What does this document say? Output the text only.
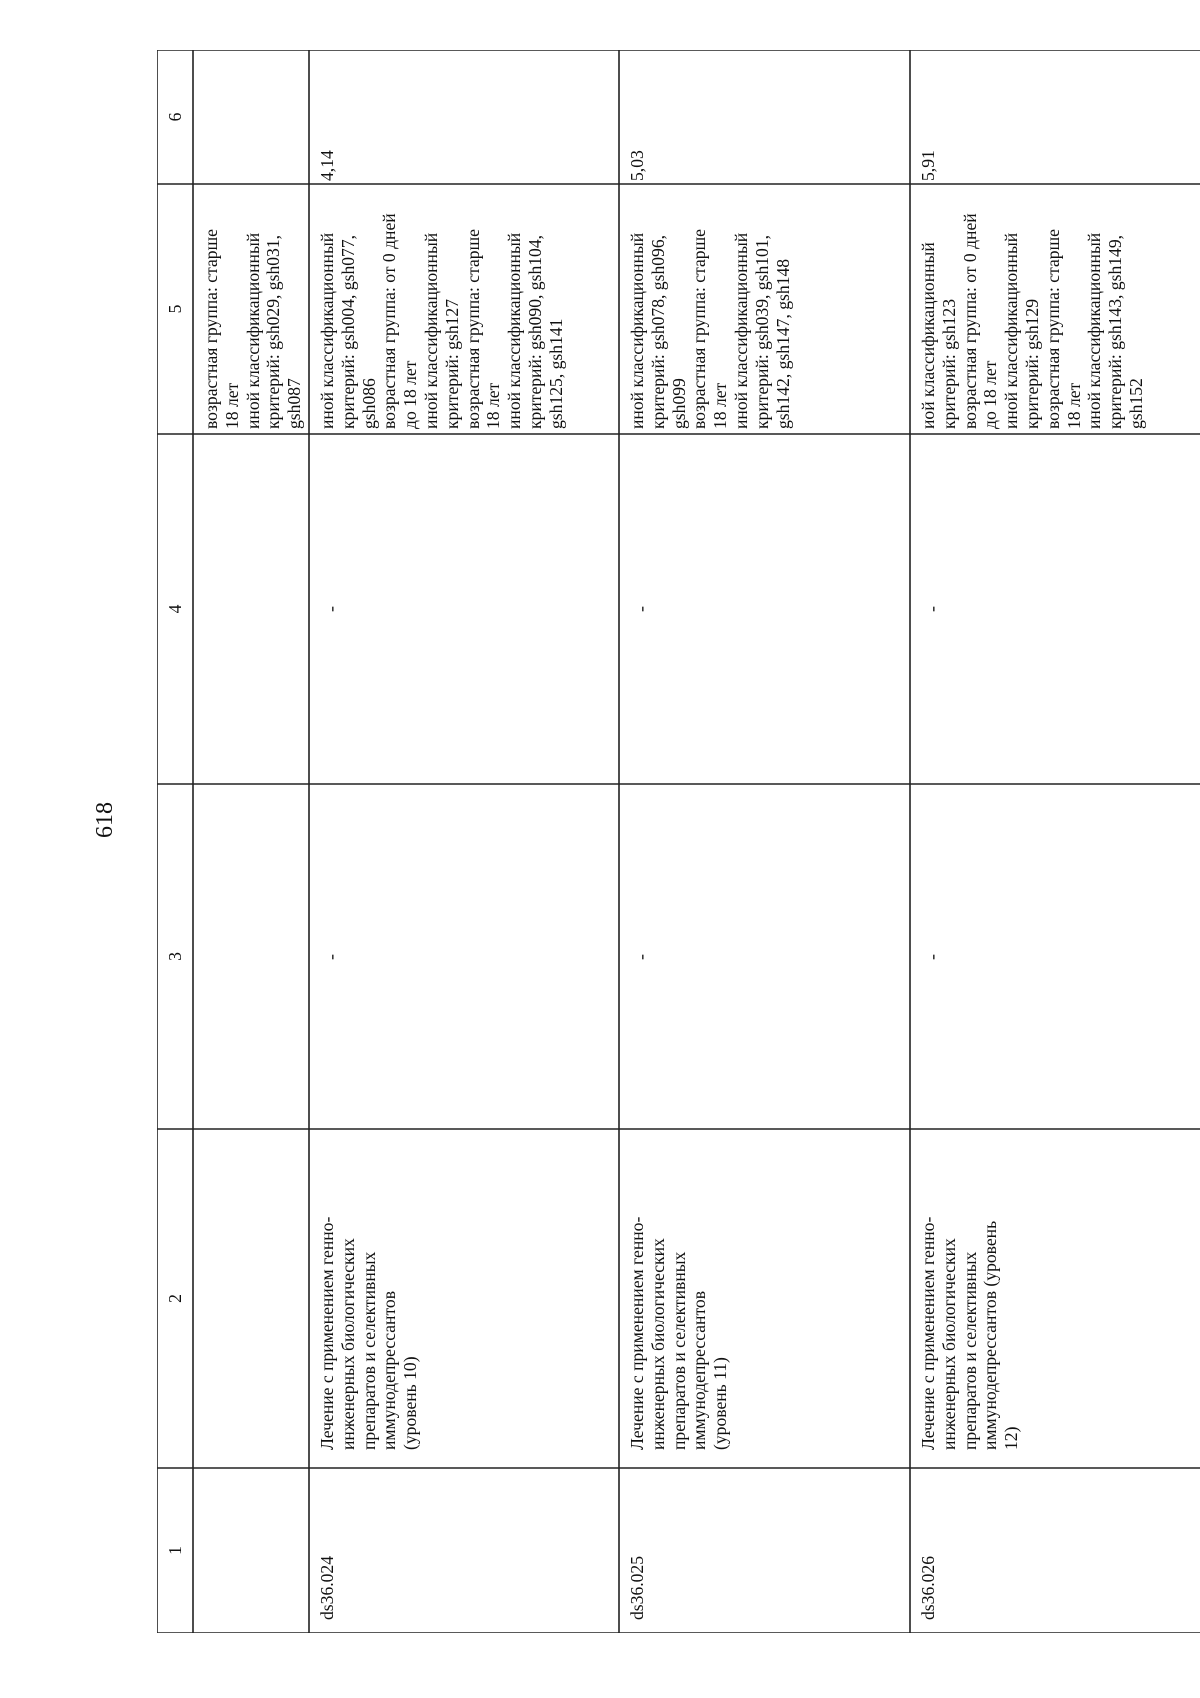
618
1
2
3
4
5
6
возрастная группа: старше
18 лет
иной классификационный
критерий: gsh029, gsh031,
gsh087
ds36.024
Лечение с применением генно-
инженерных биологических
препаратов и селективных
иммунодепрессантов
(уровень 10)
-
-
иной классификационный
критерий: gsh004, gsh077,
gsh086
возрастная группа: от 0 дней
до 18 лет
иной классификационный
критерий: gsh127
возрастная группа: старше
18 лет
иной классификационный
критерий: gsh090, gsh104,
gsh125, gsh141
4,14
ds36.025
Лечение с применением генно-
инженерных биологических
препаратов и селективных
иммунодепрессантов
(уровень 11)
-
-
иной классификационный
критерий: gsh078, gsh096,
gsh099
возрастная группа: старше
18 лет
иной классификационный
критерий: gsh039, gsh101,
gsh142, gsh147, gsh148
5,03
ds36.026
Лечение с применением генно-
инженерных биологических
препаратов и селективных
иммунодепрессантов (уровень
12)
-
-
иой классификационный
критерий: gsh123
возрастная группа: от 0 дней
до 18 лет
иной классификационный
критерий: gsh129
возрастная группа: старше
18 лет
иной классификационный
критерий: gsh143, gsh149,
gsh152
5,91
